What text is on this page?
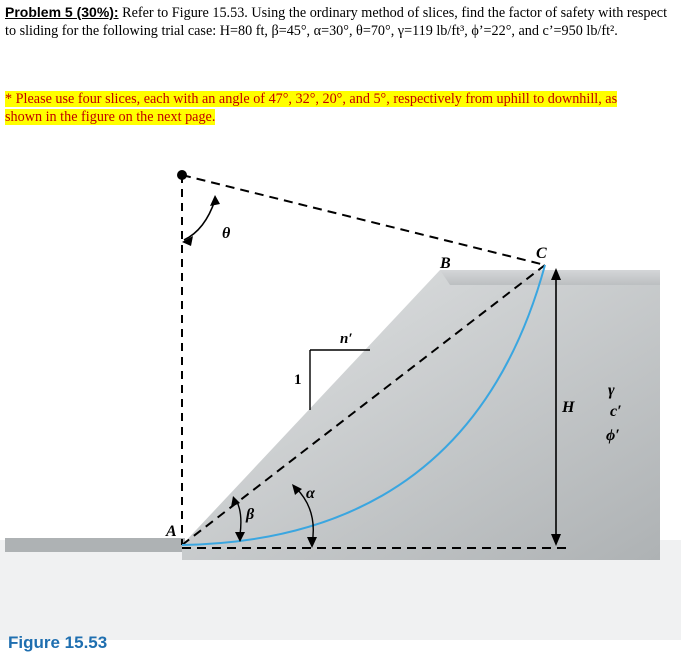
Problem 5 (30%): Refer to Figure 15.53. Using the ordinary method of slices, find the factor of safety with respect to sliding for the following trial case: H=80 ft, β=45°, α=30°, θ=70°, γ=119 lb/ft³, ϕ’=22°, and c’=950 lb/ft².
* Please use four slices, each with an angle of 47°, 32°, 20°, and 5°, respectively from uphill to downhill, as shown in the figure on the next page.
θ
B
C
A
n′
1
H
γ
c′
ϕ′
α
β
Figure 15.53
